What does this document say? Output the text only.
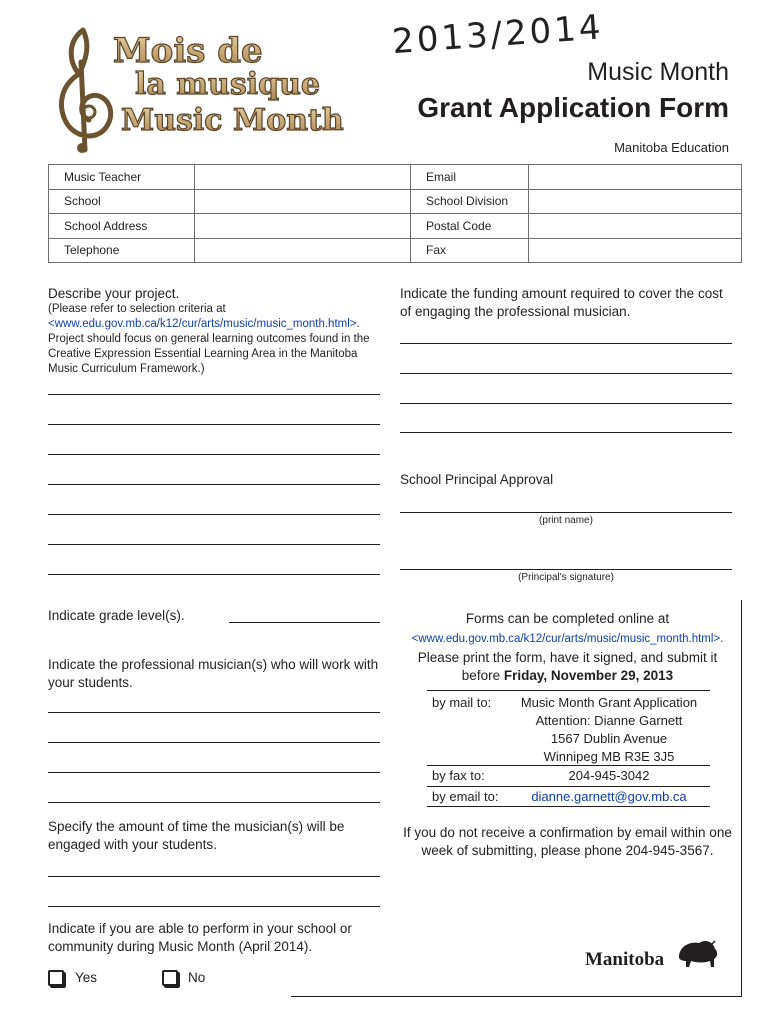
Mois de
la musique
Music Month
2013/2014
Music Month
Grant Application Form
Manitoba Education
Music Teacher		Email	
School		School Division	
School Address		Postal Code	
Telephone		Fax	
Describe your project.
(Please refer to selection criteria at
<www.edu.gov.mb.ca/k12/cur/arts/music/music_month.html>. Project should focus on general learning outcomes found in the Creative Expression Essential Learning Area in the Manitoba Music Curriculum Framework.)
Indicate grade level(s).
Indicate the professional musician(s) who will work with your students.
Specify the amount of time the musician(s) will be engaged with your students.
Indicate if you are able to perform in your school or community during Music Month (April 2014).
Yes	No
Indicate the funding amount required to cover the cost of engaging the professional musician.
School Principal Approval
(print name)
(Principal's signature)
Forms can be completed online at
<www.edu.gov.mb.ca/k12/cur/arts/music/music_month.html>.
Please print the form, have it signed, and submit it
before Friday, November 29, 2013
by mail to:	Music Month Grant Application
Attention: Dianne Garnett
1567 Dublin Avenue
Winnipeg MB R3E 3J5
by fax to:	204-945-3042
by email to:	dianne.garnett@gov.mb.ca
If you do not receive a confirmation by email within one week of submitting, please phone 204-945-3567.
Manitoba
